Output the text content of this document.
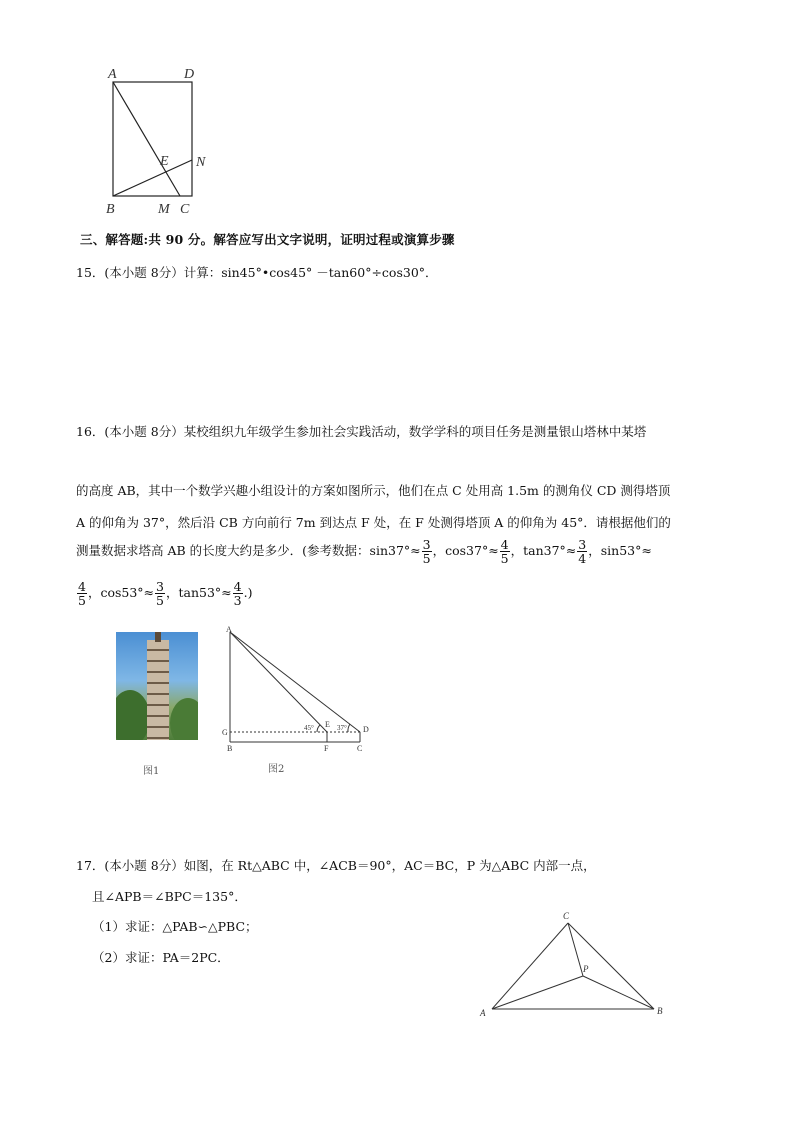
A	D
E N
B	M C
三、解答题:共 90 分。解答应写出文字说明，证明过程或演算步骤
15．(本小题 8分）计算：sin45°•cos45° －tan60°÷cos30°．
16．(本小题 8分）某校组织九年级学生参加社会实践活动，数学学科的项目任务是测量银山塔林中某塔
的高度 AB，其中一个数学兴趣小组设计的方案如图所示，他们在点 C 处用高 1.5m 的测角仪 CD 测得塔顶
A 的仰角为 37°，然后沿 CB 方向前行 7m 到达点 F 处，在 F 处测得塔顶 A 的仰角为 45°．请根据他们的
测量数据求塔高 AB 的长度大约是多少．(参考数据：$\sin 37^\circ\approx \frac{3}{5}$ ，$\cos 37^\circ\approx \frac{4}{5}$ ，$\tan 37^\circ\approx \frac{3}{4}$ ，sin53°≈
$\frac{4}{5}$ ，$\cos 53^\circ\approx \frac{3}{5}$ ，$\tan 53^\circ\approx \frac{4}{3}$ .)
图1
A
G
B	F	C
D
E
45°	37°
图2
17．(本小题 8分）如图，在 Rt△ABC 中，∠ACB＝90°，AC＝BC，P 为△ABC 内部一点，
且∠APB＝∠BPC＝135°．
（1）求证：△PAB∽△PBC；
（2）求证：PA＝2PC．
C
P
A	B
